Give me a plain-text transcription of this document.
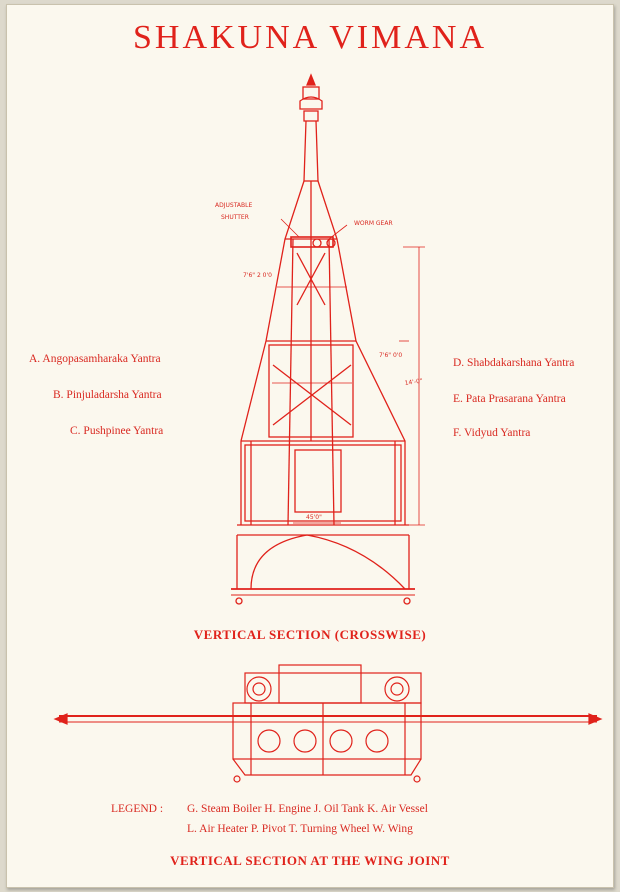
SHAKUNA VIMANA
ADJUSTABLE
SHUTTER
WORM GEAR
14'-0"
7'6" 2 0'0
7'6" 0'0
45'0"
A. Angopasamharaka Yantra
B. Pinjuladarsha Yantra
C. Pushpinee Yantra
D. Shabdakarshana Yantra
E. Pata Prasarana Yantra
F. Vidyud Yantra
VERTICAL SECTION (CROSSWISE)
LEGEND : G. Steam Boiler H. Engine J. Oil Tank K. Air Vessel
L. Air Heater P. Pivot T. Turning Wheel W. Wing
VERTICAL SECTION AT THE WING JOINT
